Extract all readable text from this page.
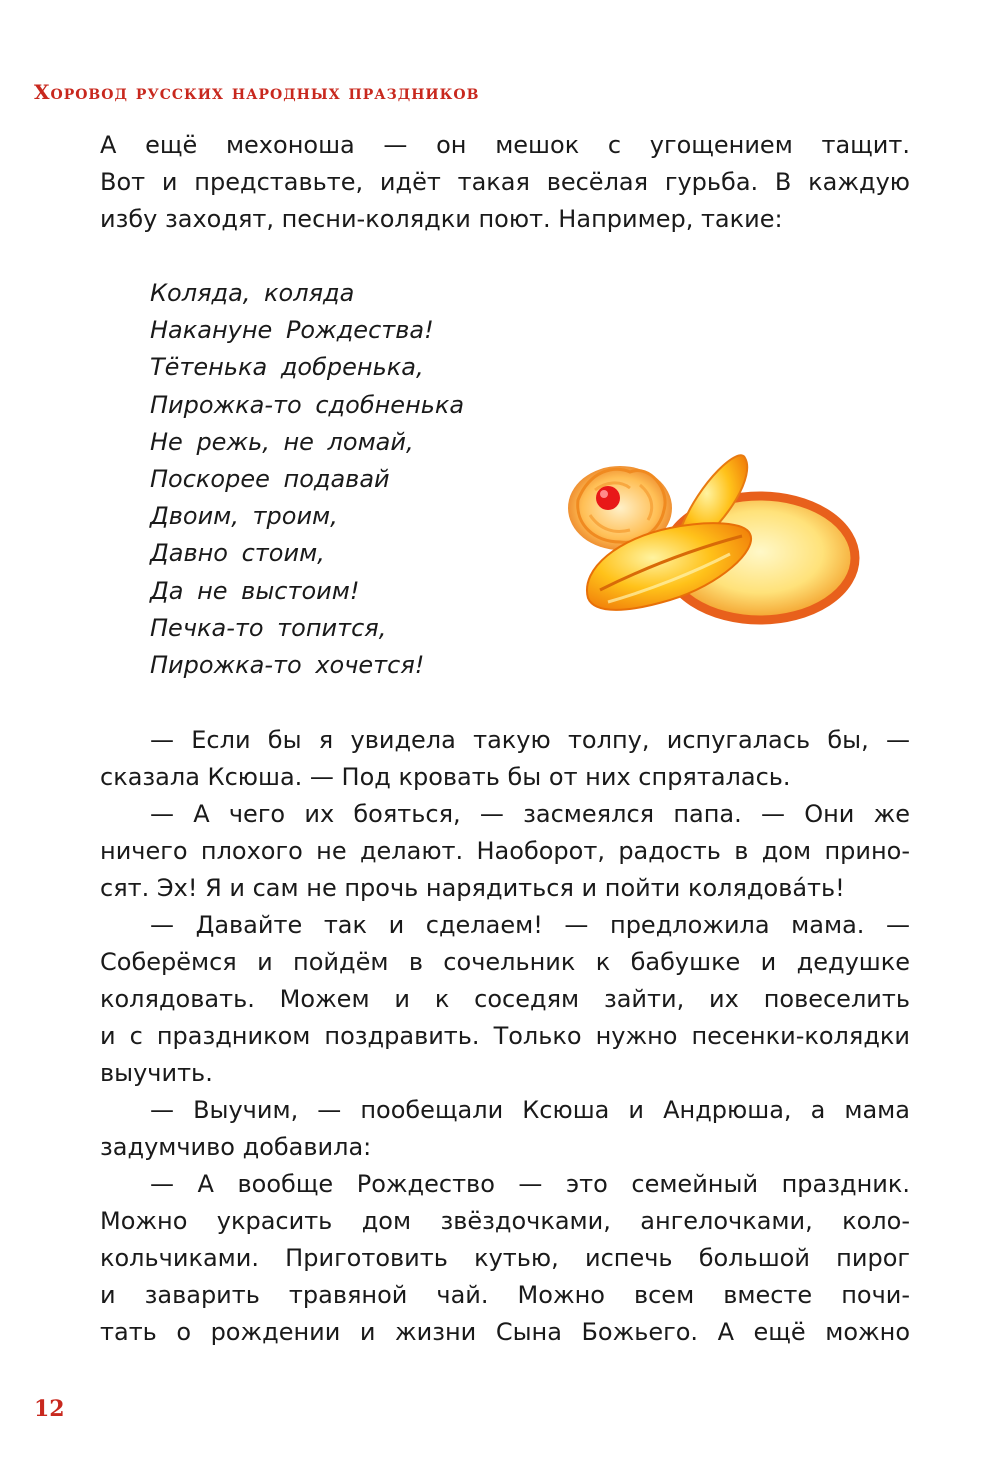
Хоровод русских народных праздников

А ещё мехоноша — он мешок с угощением тащит.

Вот и представьте, идёт такая весёлая гурьба. В каждую

избу заходят, песни-колядки поют. Например, такие:

Коляда, коляда
Накануне Рождества!
Тётенька добренька,
Пирожка-то сдобненька
Не режь, не ломай,
Поскорее подавай
Двоим, троим,
Давно стоим,
Да не выстоим!
Печка-то топится,
Пирожка-то хочется!

— Если бы я увидела такую толпу, испугалась бы, —

сказала Ксюша. — Под кровать бы от них спряталась.

— А чего их бояться, — засмеялся папа. — Они же

ничего плохого не делают. Наоборот, радость в дом прино-

сят. Эх! Я и сам не прочь нарядиться и пойти колядовáть!

— Давайте так и сделаем! — предложила мама. —

Соберёмся и пойдём в сочельник к бабушке и дедушке

колядовать. Можем и к соседям зайти, их повеселить

и с праздником поздравить. Только нужно песенки-колядки

выучить.

— Выучим, — пообещали Ксюша и Андрюша, а мама

задумчиво добавила:

— А вообще Рождество — это семейный праздник.

Можно украсить дом звёздочками, ангелочками, коло-

кольчиками. Приготовить кутью, испечь большой пирог

и заварить травяной чай. Можно всем вместе почи-

тать о рождении и жизни Сына Божьего. А ещё можно

12
